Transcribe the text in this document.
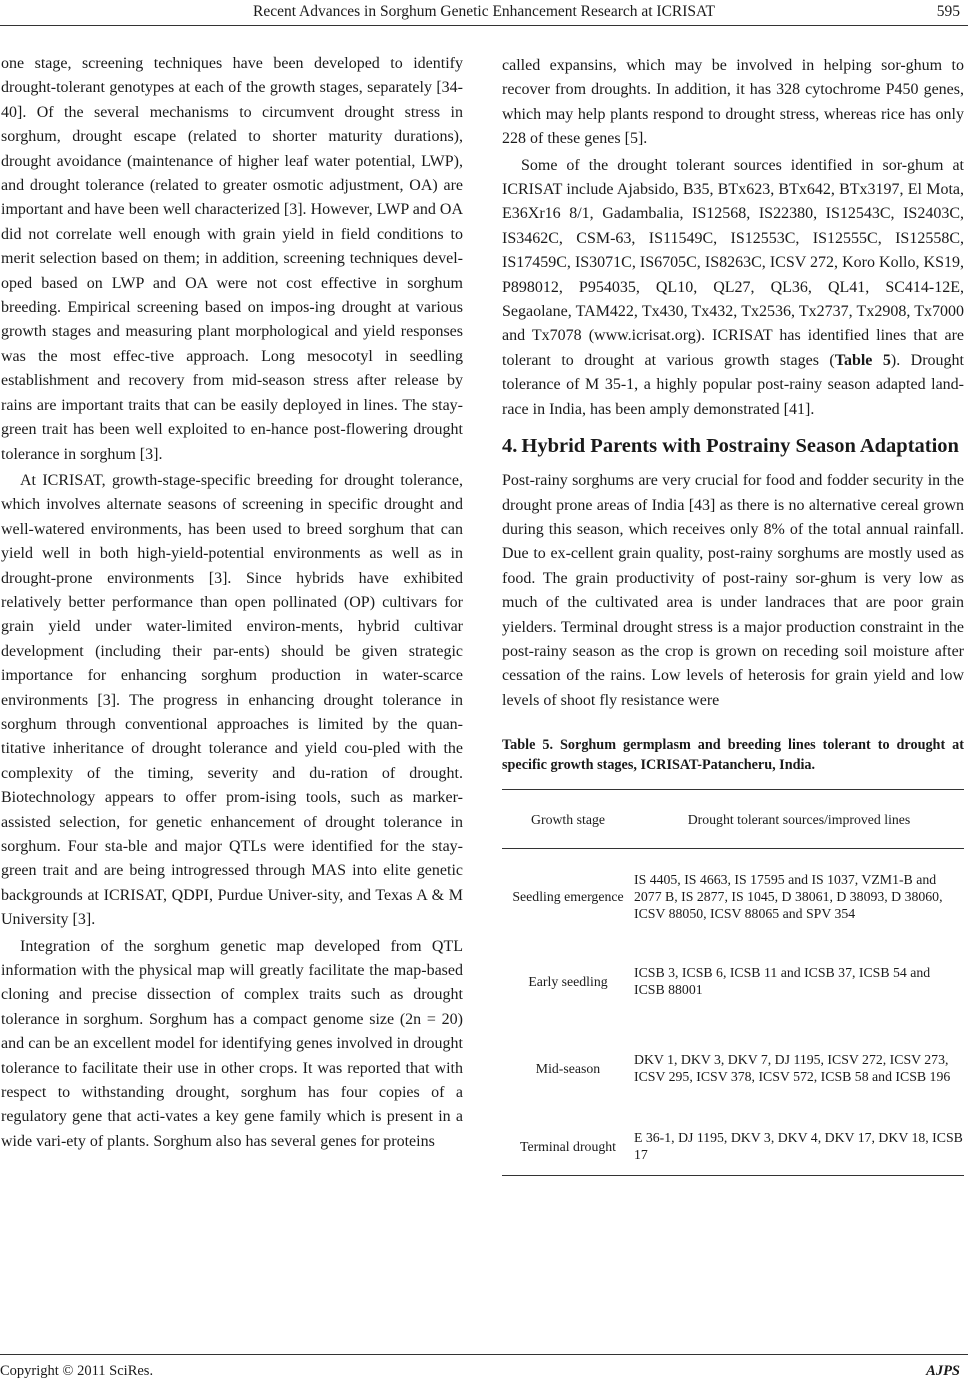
Recent Advances in Sorghum Genetic Enhancement Research at ICRISAT	595

one stage, screening techniques have been developed to identify drought-tolerant genotypes at each of the growth stages, separately [34-40]. Of the several mechanisms to circumvent drought stress in sorghum, drought escape (related to shorter maturity durations), drought avoidance (maintenance of higher leaf water potential, LWP), and drought tolerance (related to greater osmotic adjustment, OA) are important and have been well characterized [3]. However, LWP and OA did not correlate well enough with grain yield in field conditions to merit selection based on them; in addition, screening techniques devel-oped based on LWP and OA were not cost effective in sorghum breeding. Empirical screening based on impos-ing drought at various growth stages and measuring plant morphological and yield responses was the most effec-tive approach. Long mesocotyl in seedling establishment and recovery from mid-season stress after release by rains are important traits that can be easily deployed in lines. The stay-green trait has been well exploited to en-hance post-flowering drought tolerance in sorghum [3].

At ICRISAT, growth-stage-specific breeding for drought tolerance, which involves alternate seasons of screening in specific drought and well-watered environments, has been used to breed sorghum that can yield well in both high-yield-potential environments as well as in drought-prone environments [3]. Since hybrids have exhibited relatively better performance than open pollinated (OP) cultivars for grain yield under water-limited environ-ments, hybrid cultivar development (including their par-ents) should be given strategic importance for enhancing sorghum production in water-scarce environments [3]. The progress in enhancing drought tolerance in sorghum through conventional approaches is limited by the quan-titative inheritance of drought tolerance and yield cou-pled with the complexity of the timing, severity and du-ration of drought. Biotechnology appears to offer prom-ising tools, such as marker-assisted selection, for genetic enhancement of drought tolerance in sorghum. Four sta-ble and major QTLs were identified for the stay-green trait and are being introgressed through MAS into elite genetic backgrounds at ICRISAT, QDPI, Purdue Univer-sity, and Texas A & M University [3].

Integration of the sorghum genetic map developed from QTL information with the physical map will greatly facilitate the map-based cloning and precise dissection of complex traits such as drought tolerance in sorghum. Sorghum has a compact genome size (2n = 20) and can be an excellent model for identifying genes involved in drought tolerance to facilitate their use in other crops. It was reported that with respect to withstanding drought, sorghum has four copies of a regulatory gene that acti-vates a key gene family which is present in a wide vari-ety of plants. Sorghum also has several genes for proteins

called expansins, which may be involved in helping sor-ghum to recover from droughts. In addition, it has 328 cytochrome P450 genes, which may help plants respond to drought stress, whereas rice has only 228 of these genes [5].

Some of the drought tolerant sources identified in sor-ghum at ICRISAT include Ajabsido, B35, BTx623, BTx642, BTx3197, El Mota, E36Xr16 8/1, Gadambalia, IS12568, IS22380, IS12543C, IS2403C, IS3462C, CSM-63, IS11549C, IS12553C, IS12555C, IS12558C, IS17459C, IS3071C, IS6705C, IS8263C, ICSV 272, Koro Kollo, KS19, P898012, P954035, QL10, QL27, QL36, QL41, SC414-12E, Segaolane, TAM422, Tx430, Tx432, Tx2536, Tx2737, Tx2908, Tx7000 and Tx7078 (www.icrisat.org). ICRISAT has identified lines that are tolerant to drought at various growth stages (Table 5). Drought tolerance of M 35-1, a highly popular post-rainy season adapted land-race in India, has been amply demonstrated [41].

4. Hybrid Parents with Postrainy Season Adaptation

Post-rainy sorghums are very crucial for food and fodder security in the drought prone areas of India [43] as there is no alternative cereal grown during this season, which receives only 8% of the total annual rainfall. Due to ex-cellent grain quality, post-rainy sorghums are mostly used as food. The grain productivity of post-rainy sor-ghum is very low as much of the cultivated area is under landraces that are poor grain yielders. Terminal drought stress is a major production constraint in the post-rainy season as the crop is grown on receding soil moisture after cessation of the rains. Low levels of heterosis for grain yield and low levels of shoot fly resistance were

Table 5. Sorghum germplasm and breeding lines tolerant to drought at specific growth stages, ICRISAT-Patancheru, India.
Growth stage	Drought tolerant sources/improved lines
Seedling emergence	IS 4405, IS 4663, IS 17595 and IS 1037, VZM1-B and 2077 B, IS 2877, IS 1045, D 38061, D 38093, D 38060, ICSV 88050, ICSV 88065 and SPV 354
Early seedling	ICSB 3, ICSB 6, ICSB 11 and ICSB 37, ICSB 54 and ICSB 88001
Mid-season	DKV 1, DKV 3, DKV 7, DJ 1195, ICSV 272, ICSV 273, ICSV 295, ICSV 378, ICSV 572, ICSB 58 and ICSB 196
Terminal drought	E 36-1, DJ 1195, DKV 3, DKV 4, DKV 17, DKV 18, ICSB 17
Copyright © 2011 SciRes.	AJPS
